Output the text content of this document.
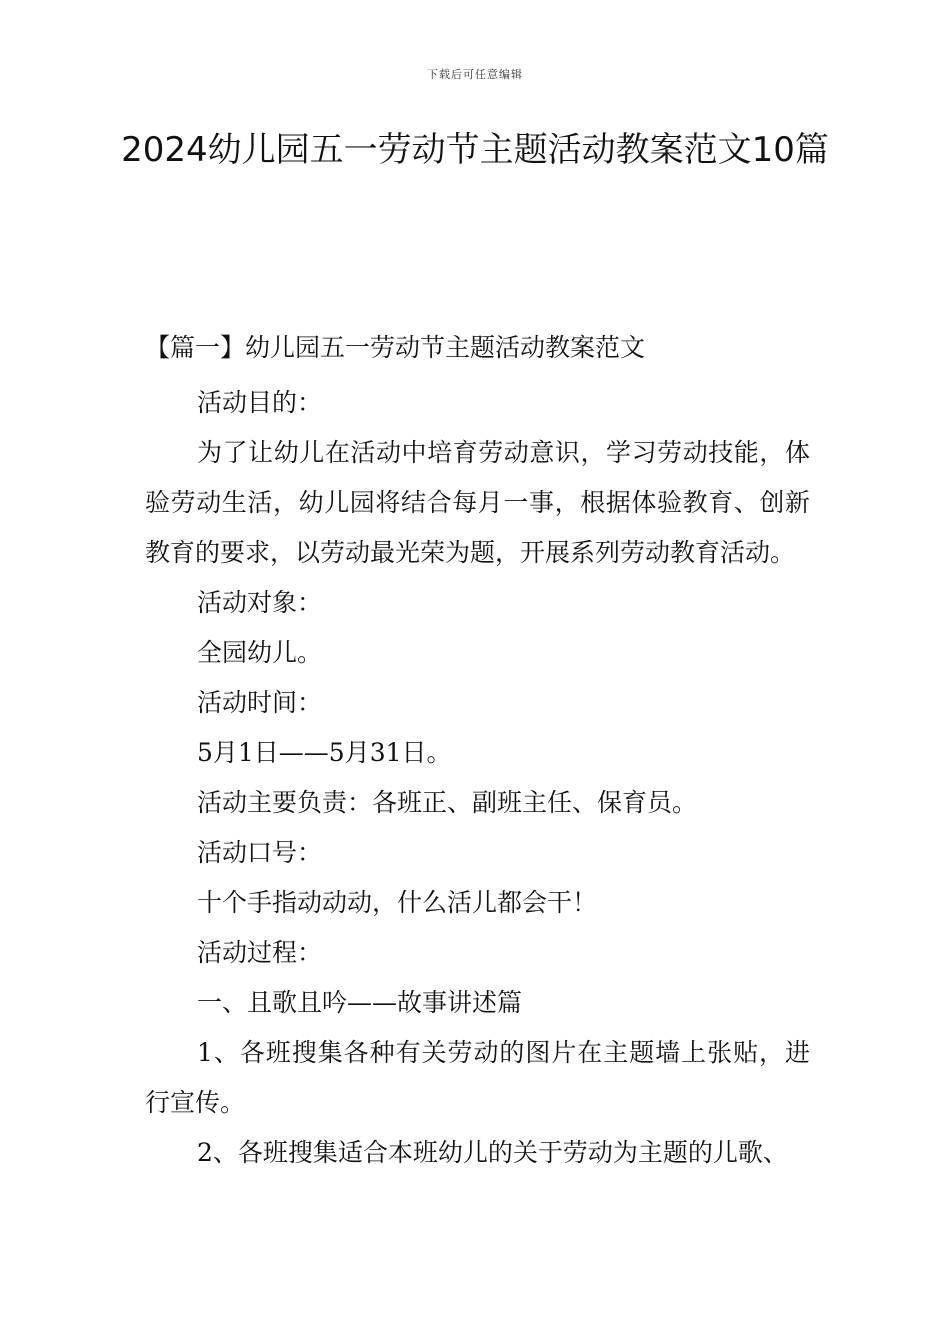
下载后可任意编辑
2024幼儿园五一劳动节主题活动教案范文10篇
【篇一】幼儿园五一劳动节主题活动教案范文

活动目的：

为了让幼儿在活动中培育劳动意识，学习劳动技能，体验劳动生活，幼儿园将结合每月一事，根据体验教育、创新教育的要求，以劳动最光荣为题，开展系列劳动教育活动。

活动对象：

全园幼儿。

活动时间：

5月1日——5月31日。

活动主要负责：各班正、副班主任、保育员。

活动口号：

十个手指动动动，什么活儿都会干！

活动过程：

一、且歌且吟——故事讲述篇

1、各班搜集各种有关劳动的图片在主题墙上张贴，进行宣传。

2、各班搜集适合本班幼儿的关于劳动为主题的儿歌、
